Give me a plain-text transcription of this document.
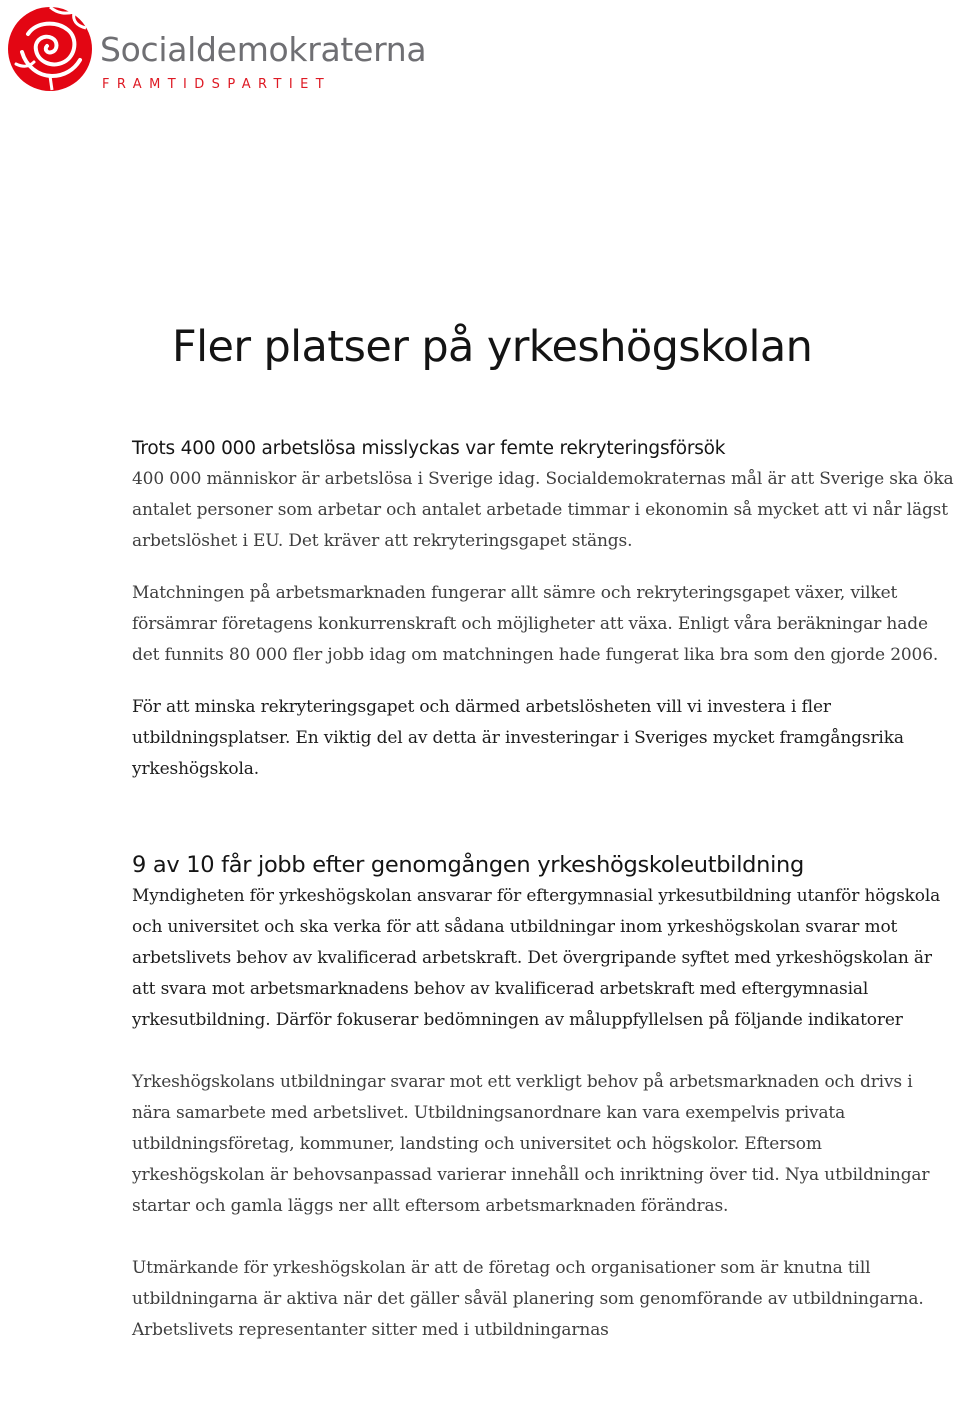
Socialdemokraterna
FRAMTIDSPARTIET
Fler platser på yrkeshögskolan
Trots 400 000 arbetslösa misslyckas var femte rekryteringsförsök

400 000 människor är arbetslösa i Sverige idag. Socialdemokraternas mål är att Sverige ska öka antalet personer som arbetar och antalet arbetade timmar i ekonomin så mycket att vi når lägst arbetslöshet i EU. Det kräver att rekryteringsgapet stängs.

Matchningen på arbetsmarknaden fungerar allt sämre och rekryteringsgapet växer, vilket försämrar företagens konkurrenskraft och möjligheter att växa. Enligt våra beräkningar hade det funnits 80 000 fler jobb idag om matchningen hade fungerat lika bra som den gjorde 2006.

För att minska rekryteringsgapet och därmed arbetslösheten vill vi investera i fler utbildningsplatser. En viktig del av detta är investeringar i Sveriges mycket framgångsrika yrkeshögskola.

9 av 10 får jobb efter genomgången yrkeshögskoleutbildning

Myndigheten för yrkeshögskolan ansvarar för eftergymnasial yrkesutbildning utanför högskola och universitet och ska verka för att sådana utbildningar inom yrkeshögskolan svarar mot arbetslivets behov av kvalificerad arbetskraft. Det övergripande syftet med yrkeshögskolan är att svara mot arbetsmarknadens behov av kvalificerad arbetskraft med eftergymnasial yrkesutbildning. Därför fokuserar bedömningen av måluppfyllelsen på följande indikatorer

Yrkeshögskolans utbildningar svarar mot ett verkligt behov på arbetsmarknaden och drivs i nära samarbete med arbetslivet. Utbildningsanordnare kan vara exempelvis privata utbildningsföretag, kommuner, landsting och universitet och högskolor. Eftersom yrkeshögskolan är behovsanpassad varierar innehåll och inriktning över tid. Nya utbildningar startar och gamla läggs ner allt eftersom arbetsmarknaden förändras.

Utmärkande för yrkeshögskolan är att de företag och organisationer som är knutna till utbildningarna är aktiva när det gäller såväl planering som genomförande av utbildningarna. Arbetslivets representanter sitter med i utbildningarnas
